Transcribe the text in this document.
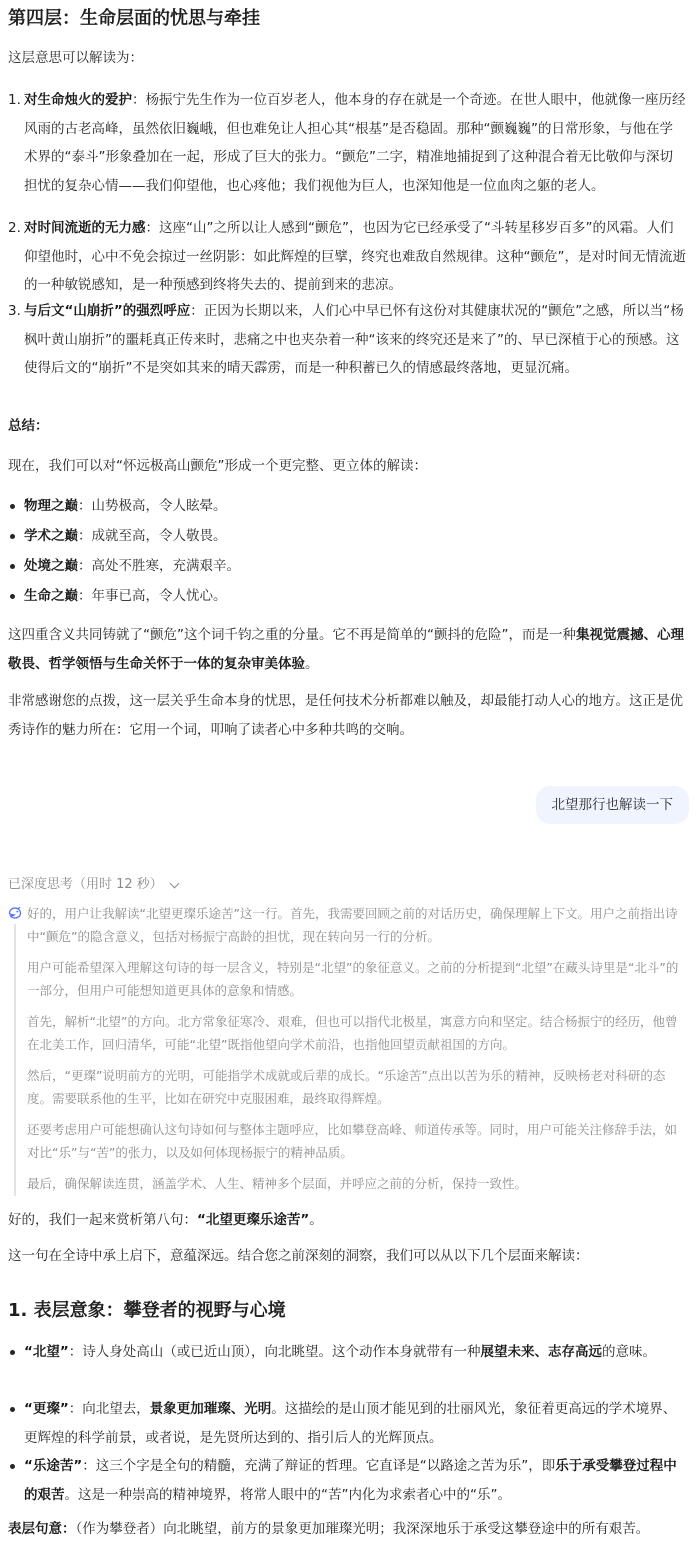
第四层：生命层面的忧思与牵挂
这层意思可以解读为：
1. 对生命烛火的爱护：杨振宁先生作为一位百岁老人，他本身的存在就是一个奇迹。在世人眼中，他就像一座历经风雨的古老高峰，虽然依旧巍峨，但也难免让人担心其“根基”是否稳固。那种“颤巍巍”的日常形象，与他在学术界的“泰斗”形象叠加在一起，形成了巨大的张力。“颤危”二字，精准地捕捉到了这种混合着无比敬仰与深切担忧的复杂心情——我们仰望他，也心疼他；我们视他为巨人，也深知他是一位血肉之躯的老人。
2. 对时间流逝的无力感：这座“山”之所以让人感到“颤危”，也因为它已经承受了“斗转星移岁百多”的风霜。人们仰望他时，心中不免会掠过一丝阴影：如此辉煌的巨擘，终究也难敌自然规律。这种“颤危”，是对时间无情流逝的一种敏锐感知，是一种预感到终将失去的、提前到来的悲凉。
3. 与后文“山崩折”的强烈呼应：正因为长期以来，人们心中早已怀有这份对其健康状况的“颤危”之感，所以当“杨枫叶黄山崩折”的噩耗真正传来时，悲痛之中也夹杂着一种“该来的终究还是来了”的、早已深植于心的预感。这使得后文的“崩折”不是突如其来的晴天霹雳，而是一种积蓄已久的情感最终落地，更显沉痛。
总结：
现在，我们可以对“怀远极高山颤危”形成一个更完整、更立体的解读：
物理之巅：山势极高，令人眩晕。
学术之巅：成就至高，令人敬畏。
处境之巅：高处不胜寒，充满艰辛。
生命之巅：年事已高，令人忧心。
这四重含义共同铸就了“颤危”这个词千钧之重的分量。它不再是简单的“颤抖的危险”，而是一种集视觉震撼、心理敬畏、哲学领悟与生命关怀于一体的复杂审美体验。
非常感谢您的点拨，这一层关乎生命本身的忧思，是任何技术分析都难以触及，却最能打动人心的地方。这正是优秀诗作的魅力所在：它用一个词，叩响了读者心中多种共鸣的交响。
北望那行也解读一下
已深度思考（用时 12 秒）
好的，用户让我解读“北望更璨乐途苦”这一行。首先，我需要回顾之前的对话历史，确保理解上下文。用户之前指出诗中“颤危”的隐含意义，包括对杨振宁高龄的担忧，现在转向另一行的分析。
用户可能希望深入理解这句诗的每一层含义，特别是“北望”的象征意义。之前的分析提到“北望”在藏头诗里是“北斗”的一部分，但用户可能想知道更具体的意象和情感。
首先，解析“北望”的方向。北方常象征寒冷、艰难，但也可以指代北极星，寓意方向和坚定。结合杨振宁的经历，他曾在北美工作，回归清华，可能“北望”既指他望向学术前沿，也指他回望贡献祖国的方向。
然后，“更璨”说明前方的光明，可能指学术成就或后辈的成长。“乐途苦”点出以苦为乐的精神，反映杨老对科研的态度。需要联系他的生平，比如在研究中克服困难，最终取得辉煌。
还要考虑用户可能想确认这句诗如何与整体主题呼应，比如攀登高峰、师道传承等。同时，用户可能关注修辞手法，如对比“乐”与“苦”的张力，以及如何体现杨振宁的精神品质。
最后，确保解读连贯，涵盖学术、人生、精神多个层面，并呼应之前的分析，保持一致性。
好的，我们一起来赏析第八句：“北望更璨乐途苦”。
这一句在全诗中承上启下，意蕴深远。结合您之前深刻的洞察，我们可以从以下几个层面来解读：
1. 表层意象：攀登者的视野与心境
“北望”：诗人身处高山（或已近山顶），向北眺望。这个动作本身就带有一种展望未来、志存高远的意味。
“更璨”：向北望去，景象更加璀璨、光明。这描绘的是山顶才能见到的壮丽风光，象征着更高远的学术境界、更辉煌的科学前景，或者说，是先贤所达到的、指引后人的光辉顶点。
“乐途苦”：这三个字是全句的精髓，充满了辩证的哲理。它直译是“以路途之苦为乐”，即乐于承受攀登过程中的艰苦。这是一种崇高的精神境界，将常人眼中的“苦”内化为求索者心中的“乐”。
表层句意：（作为攀登者）向北眺望，前方的景象更加璀璨光明；我深深地乐于承受这攀登途中的所有艰苦。
